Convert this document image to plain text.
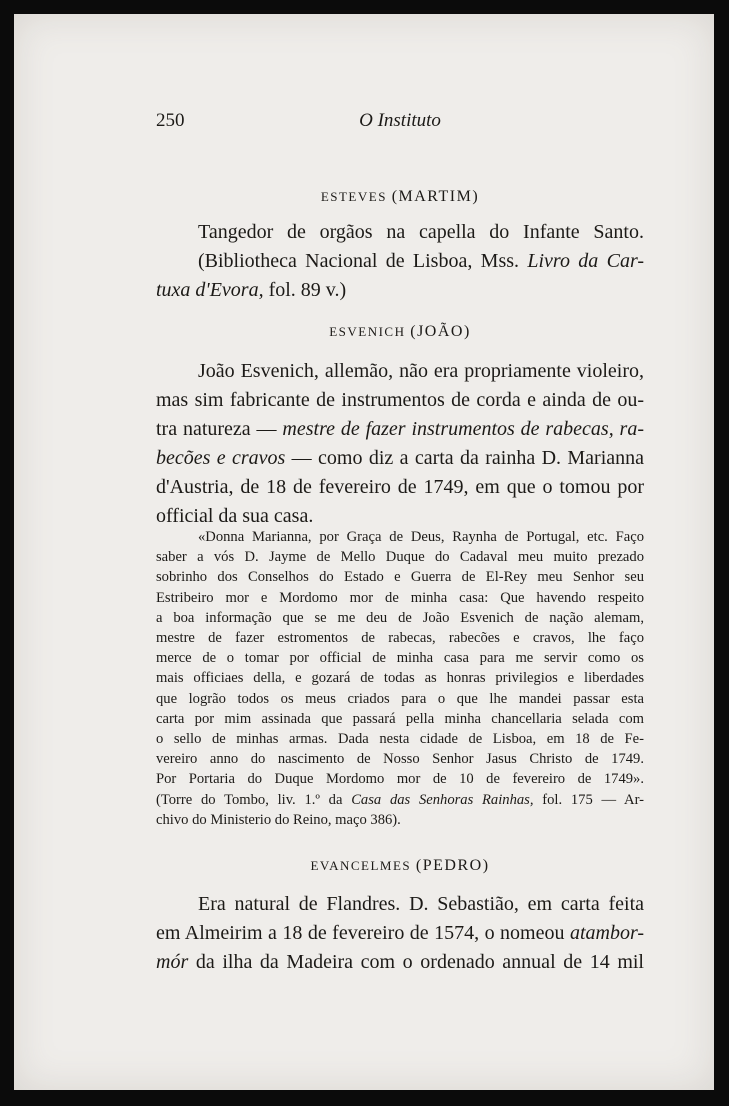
250	O Instituto
ESTEVES (MARTIM)
Tangedor de orgãos na capella do Infante Santo.
(Bibliotheca Nacional de Lisboa, Mss. Livro da Car-
tuxa d'Evora, fol. 89 v.)
ESVENICH (JOÃO)
João Esvenich, allemão, não era propriamente violeiro,
mas sim fabricante de instrumentos de corda e ainda de ou-
tra natureza — mestre de fazer instrumentos de rabecas, ra-
becões e cravos — como diz a carta da rainha D. Marianna
d'Austria, de 18 de fevereiro de 1749, em que o tomou por
official da sua casa.
«Donna Marianna, por Graça de Deus, Raynha de Portugal, etc. Faço
saber a vós D. Jayme de Mello Duque do Cadaval meu muito prezado
sobrinho dos Conselhos do Estado e Guerra de El-Rey meu Senhor seu
Estribeiro mor e Mordomo mor de minha casa: Que havendo respeito
a boa informação que se me deu de João Esvenich de nação alemam,
mestre de fazer estromentos de rabecas, rabecões e cravos, lhe faço
merce de o tomar por official de minha casa para me servir como os
mais officiaes della, e gozará de todas as honras privilegios e liberdades
que logrão todos os meus criados para o que lhe mandei passar esta
carta por mim assinada que passará pella minha chancellaria selada com
o sello de minhas armas. Dada nesta cidade de Lisboa, em 18 de Fe-
vereiro anno do nascimento de Nosso Senhor Jasus Christo de 1749.
Por Portaria do Duque Mordomo mor de 10 de fevereiro de 1749».
(Torre do Tombo, liv. 1.º da Casa das Senhoras Rainhas, fol. 175 — Ar-
chivo do Ministerio do Reino, maço 386).
EVANCELMES (PEDRO)
Era natural de Flandres. D. Sebastião, em carta feita
em Almeirim a 18 de fevereiro de 1574, o nomeou atambor-
mór da ilha da Madeira com o ordenado annual de 14 mil
